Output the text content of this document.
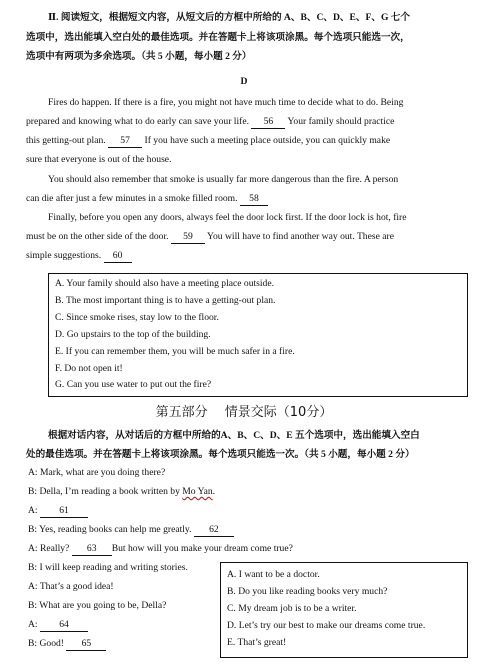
Ⅱ. 阅读短文，根据短文内容，从短文后的方框中所给的 A、B、C、D、E、F、G 七个
选项中，选出能填入空白处的最佳选项。并在答题卡上将该项涂黑。每个选项只能选一次，
选项中有两项为多余选项。（共 5 小题，每小题 2 分）
D
Fires do happen. If there is a fire, you might not have much time to decide what to do. Being
prepared and knowing what to do early can save your life. 56 Your family should practice
this getting-out plan. 57 If you have such a meeting place outside, you can quickly make
sure that everyone is out of the house.
You should also remember that smoke is usually far more dangerous than the fire. A person
can die after just a few minutes in a smoke filled room. 58
Finally, before you open any doors, always feel the door lock first. If the door lock is hot, fire
must be on the other side of the door. 59 You will have to find another way out. These are
simple suggestions. 60
A. Your family should also have a meeting place outside.
B. The most important thing is to have a getting-out plan.
C. Since smoke rises, stay low to the floor.
D. Go upstairs to the top of the building.
E. If you can remember them, you will be much safer in a fire.
F. Do not open it!
G. Can you use water to put out the fire?
第五部分　 情景交际（10分）
根据对话内容，从对话后的方框中所给的A、B、C、D、E 五个选项中，选出能填入空白
处的最佳选项。并在答题卡上将该项涂黑。每个选项只能选一次。（共 5 小题，每小题 2 分）
A: Mark, what are you doing there?
B: Della, I’m reading a book written by Mo Yan.
A: 61
B: Yes, reading books can help me greatly. 62
A: Really? 63 But how will you make your dream come true?
B: I will keep reading and writing stories.
A: That’s a good idea!
B: What are you going to be, Della?
A: 64
B: Good! 65
A. I want to be a doctor.
B. Do you like reading books very much?
C. My dream job is to be a writer.
D. Let’s try our best to make our dreams come true.
E. That’s great!
